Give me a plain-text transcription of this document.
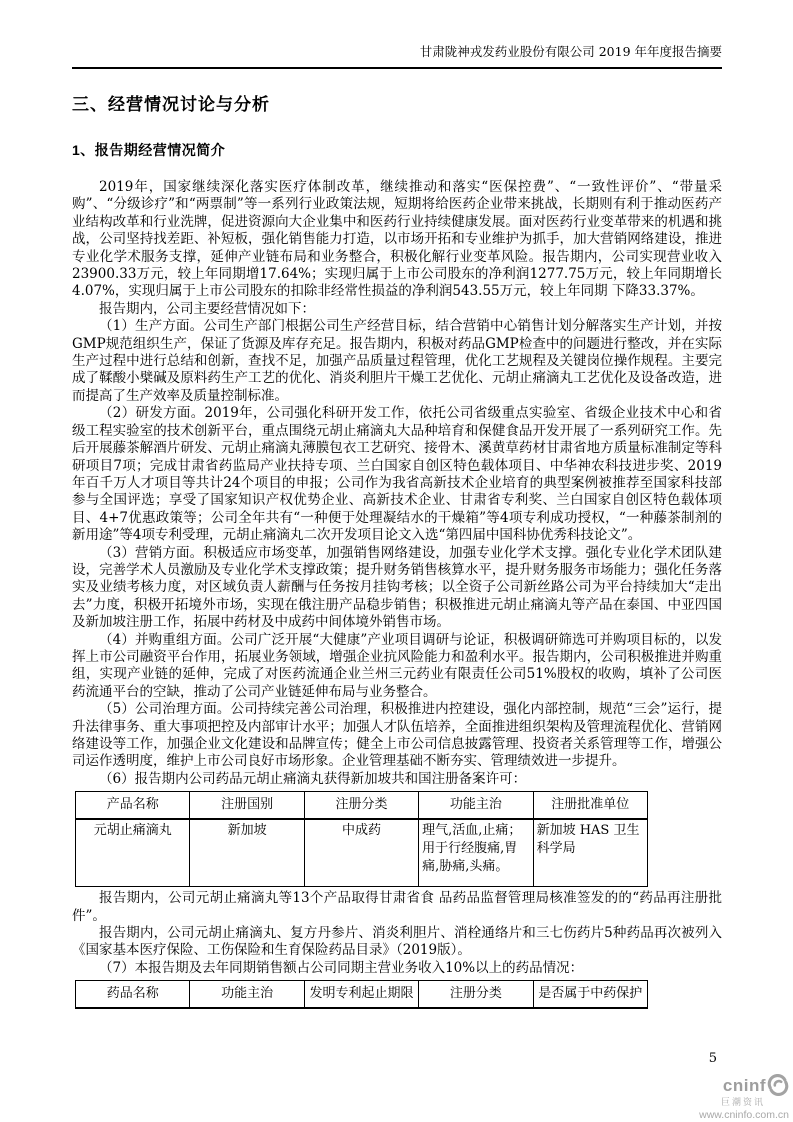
甘肃陇神戎发药业股份有限公司 2019 年年度报告摘要
三、经营情况讨论与分析
1、报告期经营情况简介

2019年，国家继续深化落实医疗体制改革，继续推动和落实“医保控费”、“一致性评价”、“带量采购”、“分级诊疗”和“两票制”等一系列行业政策法规，短期将给医药企业带来挑战，长期则有利于推动医药产业结构改革和行业洗牌，促进资源向大企业集中和医药行业持续健康发展。面对医药行业变革带来的机遇和挑战，公司坚持找差距、补短板，强化销售能力打造，以市场开拓和专业维护为抓手，加大营销网络建设，推进专业化学术服务支撑，延伸产业链布局和业务整合，积极化解行业变革风险。报告期内，公司实现营业收入23900.33万元，较上年同期增17.64%；实现归属于上市公司股东的净利润1277.75万元，较上年同期增长4.07%，实现归属于上市公司股东的扣除非经常性损益的净利润543.55万元，较上年同期 下降33.37%。

报告期内，公司主要经营情况如下：

（1）生产方面。公司生产部门根据公司生产经营目标，结合营销中心销售计划分解落实生产计划，并按GMP规范组织生产，保证了货源及库存充足。报告期内，积极对药品GMP检查中的问题进行整改，并在实际生产过程中进行总结和创新，查找不足，加强产品质量过程管理，优化工艺规程及关键岗位操作规程。主要完成了鞣酸小檗碱及原料药生产工艺的优化、消炎利胆片干燥工艺优化、元胡止痛滴丸工艺优化及设备改造，进而提高了生产效率及质量控制标准。

（2）研发方面。2019年，公司强化科研开发工作，依托公司省级重点实验室、省级企业技术中心和省级工程实验室的技术创新平台，重点围绕元胡止痛滴丸大品种培育和保健食品开发开展了一系列研究工作。先后开展藤茶解酒片研发、元胡止痛滴丸薄膜包衣工艺研究、接骨木、溪黄草药材甘肃省地方质量标准制定等科研项目7项；完成甘肃省药监局产业扶持专项、兰白国家自创区特色载体项目、中华神农科技进步奖、2019年百千万人才项目等共计24个项目的申报；公司作为我省高新技术企业培育的典型案例被推荐至国家科技部参与全国评选；享受了国家知识产权优势企业、高新技术企业、甘肃省专利奖、兰白国家自创区特色载体项目、4+7优惠政策等；公司全年共有“一种便于处理凝结水的干燥箱”等4项专利成功授权，“一种藤茶制剂的新用途”等4项专利受理，元胡止痛滴丸二次开发项目论文入选“第四届中国科协优秀科技论文”。

（3）营销方面。积极适应市场变革，加强销售网络建设，加强专业化学术支撑。强化专业化学术团队建设，完善学术人员激励及专业化学术支撑政策；提升财务销售核算水平，提升财务服务市场能力；强化任务落实及业绩考核力度，对区域负责人薪酬与任务按月挂钩考核；以全资子公司新丝路公司为平台持续加大“走出去”力度，积极开拓境外市场，实现在俄注册产品稳步销售；积极推进元胡止痛滴丸等产品在泰国、中亚四国及新加坡注册工作，拓展中药材及中成药中间体境外销售市场。

（4）并购重组方面。公司广泛开展“大健康”产业项目调研与论证，积极调研筛选可并购项目标的，以发挥上市公司融资平台作用，拓展业务领域，增强企业抗风险能力和盈利水平。报告期内，公司积极推进并购重组，实现产业链的延伸，完成了对医药流通企业兰州三元药业有限责任公司51%股权的收购，填补了公司医药流通平台的空缺，推动了公司产业链延伸布局与业务整合。

（5）公司治理方面。公司持续完善公司治理，积极推进内控建设，强化内部控制，规范“三会”运行，提升法律事务、重大事项把控及内部审计水平；加强人才队伍培养，全面推进组织架构及管理流程优化、营销网络建设等工作，加强企业文化建设和品牌宣传；健全上市公司信息披露管理、投资者关系管理等工作，增强公司运作透明度，维护上市公司良好市场形象。企业管理基础不断夯实、管理绩效进一步提升。

（6）报告期内公司药品元胡止痛滴丸获得新加坡共和国注册备案许可：

产品名称	注册国别	注册分类	功能主治	注册批准单位
元胡止痛滴丸	新加坡	中成药	理气,活血,止痛；用于行经腹痛,胃痛,胁痛,头痛。	新加坡 HAS 卫生科学局

报告期内，公司元胡止痛滴丸等13个产品取得甘肃省食 品药品监督管理局核准签发的的“药品再注册批件”。

报告期内，公司元胡止痛滴丸、复方丹参片、消炎利胆片、消栓通络片和三七伤药片5种药品再次被列入《国家基本医疗保险、工伤保险和生育保险药品目录》（2019版）。

（7）本报告期及去年同期销售额占公司同期主营业务收入10%以上的药品情况：

药品名称	功能主治	发明专利起止期限	注册分类	是否属于中药保护
5
cninf
巨潮资讯
www.cninfo.com.cn
